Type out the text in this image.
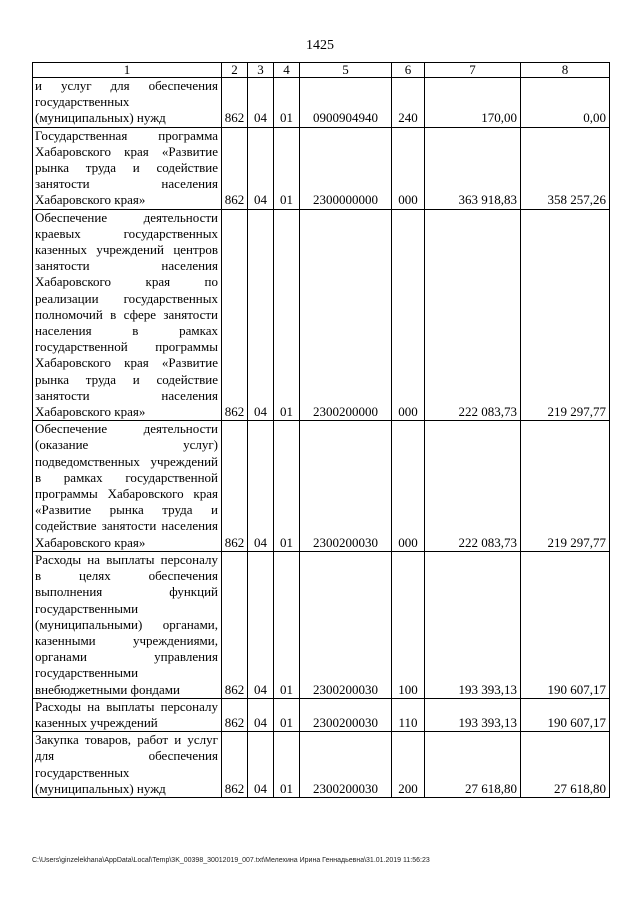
1425
1	2	3	4	5	6	7	8
и услуг для обеспечения государственных (муниципальных) нужд	862	04	01	0900904940	240	170,00	0,00
Государственная программа Хабаровского края «Развитие рынка труда и содействие занятости населения Хабаровского края»	862	04	01	2300000000	000	363 918,83	358 257,26
Обеспечение деятельности краевых государственных казенных учреждений центров занятости населения Хабаровского края по реализации государственных полномочий в сфере занятости населения в рамках государственной программы Хабаровского края «Развитие рынка труда и содействие занятости населения Хабаровского края»	862	04	01	2300200000	000	222 083,73	219 297,77
Обеспечение деятельности (оказание услуг) подведомственных учреждений в рамках государственной программы Хабаровского края «Развитие рынка труда и содействие занятости населения Хабаровского края»	862	04	01	2300200030	000	222 083,73	219 297,77
Расходы на выплаты персоналу в целях обеспечения выполнения функций государственными (муниципальными) органами, казенными учреждениями, органами управления государственными внебюджетными фондами	862	04	01	2300200030	100	193 393,13	190 607,17
Расходы на выплаты персоналу казенных учреждений	862	04	01	2300200030	110	193 393,13	190 607,17
Закупка товаров, работ и услуг для обеспечения государственных (муниципальных) нужд	862	04	01	2300200030	200	27 618,80	27 618,80
C:\Users\ginzelekhana\AppData\Local\Temp\3K_00398_30012019_007.txt\Мелехина Ирина Геннадьевна\31.01.2019 11:56:23
